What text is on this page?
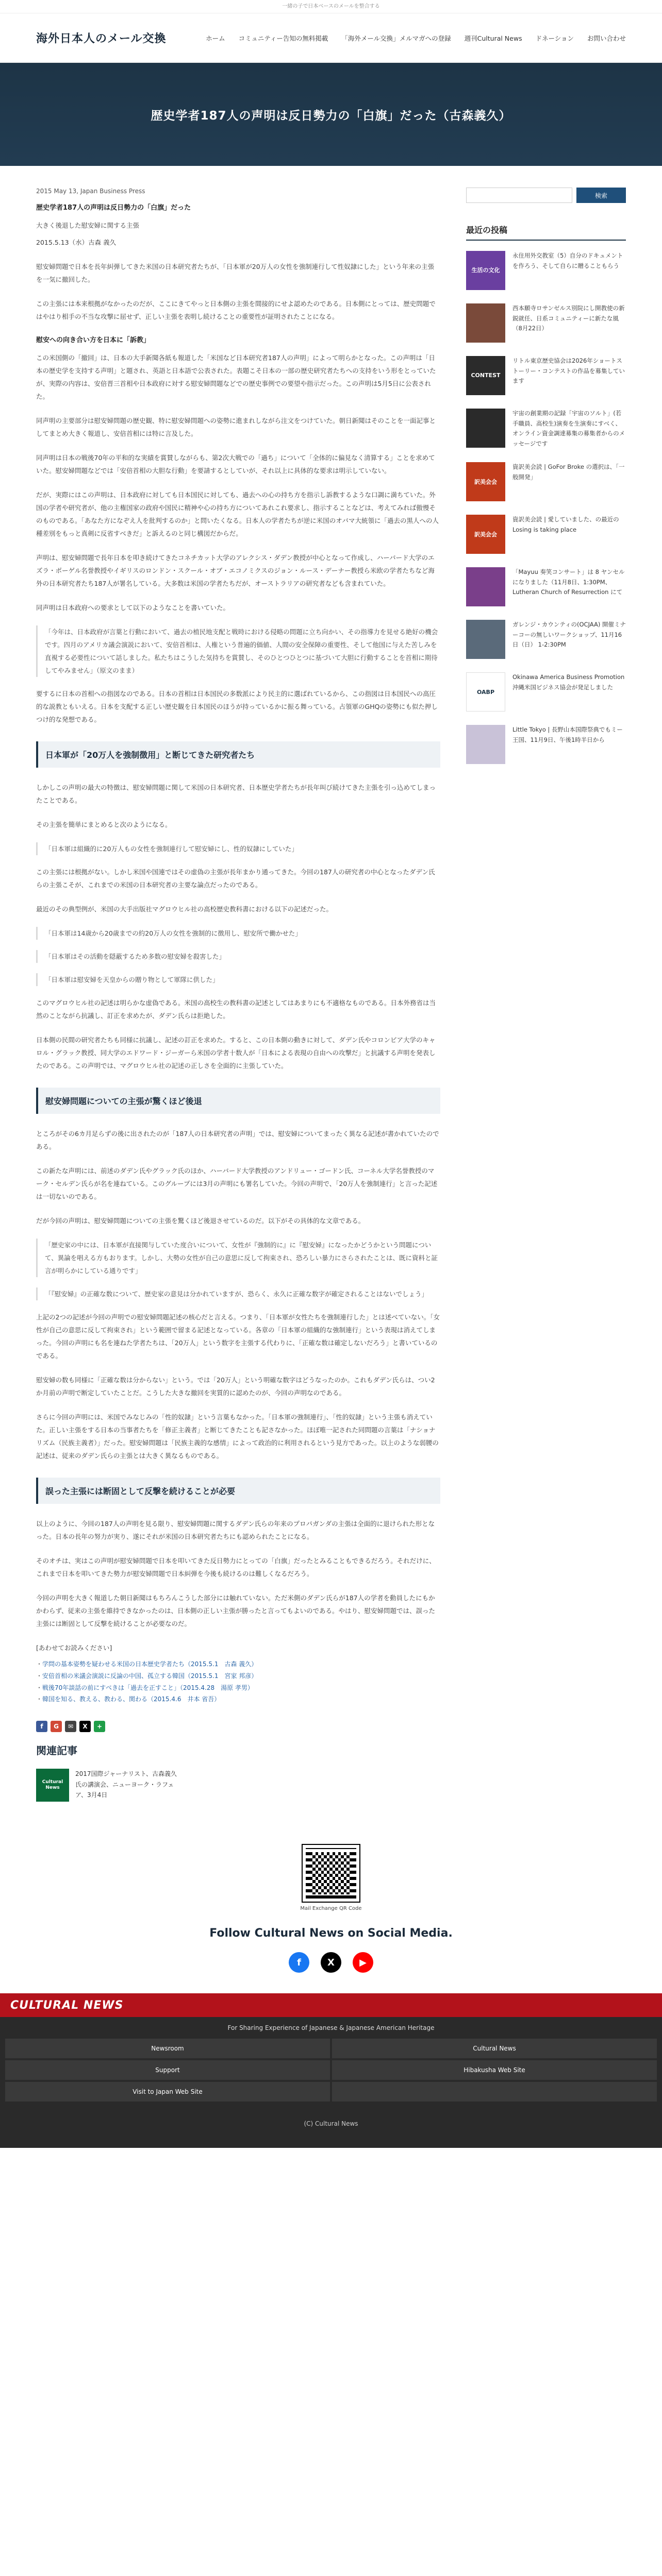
一緒の子で日本ベースのメールを整合する
海外日本人のメール交換	ホーム コミュニティー告知の無料掲載 「海外メール交換」メルマガへの登録 週刊Cultural News ドネーション お問い合わせ
歴史学者187人の声明は反日勢力の「白旗」だった（古森義久）
2015 May 13, Japan Business Press
歴史学者187人の声明は反日勢力の「白旗」だった

大きく後退した慰安婦に関する主張

2015.5.13（水）古森 義久

慰安婦問題で日本を長年糾弾してきた米国の日本研究者たちが、「日本軍が20万人の女性を強制連行して性奴隷にした」という年来の主張を一気に撤回した。

この主張には本来根拠がなかったのだが、ここにきてやっと日本側の主張を間接的にせよ認めたのである。日本側にとっては、歴史問題ではやはり相手の不当な攻撃に屈せず、正しい主張を表明し続けることの重要性が証明されたことになる。

慰安への向き合い方を日本に「訴教」

この米国側の「撤回」は、日本の大手新聞各紙も報道した「米国など日本研究者187人の声明」によって明らかとなった。この声明は「日本の歴史学を支持する声明」と題され、英語と日本語で公表された。表題こそ日本の一部の歴史研究者たちへの支持をいう形をとっていたが、実際の内容は、安倍晋三首相や日本政府に対する慰安婦問題などでの歴史事例での要望や指示だった。この声明は5月5日に公表された。

同声明の主要部分は慰安婦問題の歴史観、特に慰安婦問題への姿勢に進まれしながら注文をつけていた。朝日新聞はそのことを一面記事としてまとめ大きく報道し、安倍首相には特に言及した。

同声明は日本の戦後70年の平和的な実績を賞賛しながらも、第2次大戦での「過ち」について「全体的に偏見なく清算する」ことを求めていた。慰安婦問題などでは「安倍首相の大胆な行動」を要請するとしていが、それ以上に具体的な要求は明示していない。

だが、実際にはこの声明は、日本政府に対しても日本国民に対しても、過去への心の持ち方を指示し訴教するような口調に満ちていた。外国の学者や研究者が、他の主権国家の政府や国民に精神や心の持ち方についてあれこれ要求し、指示することなどは、考えてみれば傲慢そのものである。「あなた方になぞえ人を批判するのか」と問いたくなる。日本人の学者たちが逆に米国のオバマ大統領に「過去の黒人への人種差別をもっと真剣に反省すべきだ」と訴えるのと同じ構図だからだ。

声明は、慰安婦問題で長年日本を叩き続けてきたコネチカット大学のアレクシス・ダデン教授が中心となって作成し、ハーバード大学のエズラ・ボーゲル名誉教授やイギリスのロンドン・スクール・オブ・エコノミクスのジョン・ルース・デーナー教授ら米欧の学者たちなど海外の日本研究者たち187人が署名している。大多数は米国の学者たちだが、オーストラリアの研究者なども含まれていた。

同声明は日本政府への要求として以下のようなことを書いていた。

「今年は、日本政府が言葉と行動において、過去の植民地支配と戦時における侵略の問題に立ち向かい、その指導力を見せる絶好の機会です。四月のアメリカ議会演説において、安倍首相は、人権という普遍的価値、人間の安全保障の重要性、そして他国に与えた苦しみを直視する必要性について話しました。私たちはこうした気持ちを賞賛し、そのひとつひとつに基づいて大胆に行動することを首相に期待してやみません」（原文のまま）

要するに日本の首相への指図なのである。日本の首相は日本国民の多数派により民主的に選ばれているから、この指図は日本国民への高圧的な説教ともいえる。日本を支配する正しい歴史観を日本国民のほうが持っているかに振る舞っている。占領軍のGHQの姿勢にも似た押しつけ的な発想である。

日本軍が「20万人を強制徴用」と断じてきた研究者たち

しかしこの声明の最大の特徴は、慰安婦問題に関して米国の日本研究者、日本歴史学者たちが長年叫び続けてきた主張を引っ込めてしまったことである。

その主張を簡単にまとめると次のようになる。

「日本軍は組織的に20万人もの女性を強制連行して慰安婦にし、性的奴隷にしていた」

この主張には根拠がない。しかし米国や国連ではその虚偽の主張が長年まかり通ってきた。今回の187人の研究者の中心となったダデン氏らの主張こそが、これまでの米国の日本研究者の主要な論点だったのである。

最近のその典型例が、米国の大手出版社マグロウヒル社の高校歴史教科書における以下の記述だった。

「日本軍は14歳から20歳までの約20万人の女性を強制的に徴用し、慰安所で働かせた」
「日本軍はその活動を隠蔽するため多数の慰安婦を殺害した」
「日本軍は慰安婦を天皇からの贈り物として軍隊に供した」

このマグロウヒル社の記述は明らかな虚偽である。米国の高校生の教科書の記述としてはあまりにも不適格なものである。日本外務省は当然のことながら抗議し、訂正を求めたが、ダデン氏らは拒絶した。

日本側の民間の研究者たちも同様に抗議し、記述の訂正を求めた。すると、この日本側の動きに対して、ダデン氏やコロンビア大学のキャロル・グラック教授、同大学のエドワード・ジーガーら米国の学者十数人が「日本による表現の自由への攻撃だ」と抗議する声明を発表したのである。この声明では、マグロウヒル社の記述の正しさを全面的に主張していた。

慰安婦問題についての主張が驚くほど後退

ところがその6カ月足らずの後に出されたのが「187人の日本研究者の声明」では、慰安婦についてまったく異なる記述が書かれていたのである。

この新たな声明には、前述のダデン氏やグラック氏のほか、ハーバード大学教授のアンドリュー・ゴードン氏、コーネル大学名誉教授のマーク・セルデン氏らが名を連ねている。このグループには3月の声明にも署名していた。今回の声明で、「20万人を強制連行」と言った記述は一切ないのである。

だが今回の声明は、慰安婦問題についての主張を驚くほど後退させているのだ。以下がその具体的な文章である。

「歴史家の中には、日本軍が直接関与していた度合いについて、女性が『強制的に』に『慰安婦』になったかどうかという問題について、異論を唱える方もおります。しかし、大勢の女性が自己の意思に反して拘束され、恐ろしい暴力にさらされたことは、既に資料と証言が明らかにしている通りです」
「『慰安婦』の正確な数について、歴史家の意見は分かれていますが、恐らく、永久に正確な数字が確定されることはないでしょう」

上記の2つの記述が今回の声明での慰安婦問題記述の核心だと言える。つまり、「日本軍が女性たちを強制連行した」とは述べていない。「女性が自己の意思に反して拘束され」という範囲で留まる記述となっている。各章の「日本軍の組織的な強制連行」という表現は消えてしまった。今回の声明にも名を連ねた学者たちは、「20万人」という数字を主張する代わりに、「正確な数は確定しないだろう」と書いているのである。

慰安婦の数も同様に「正確な数は分からない」という。では「20万人」という明確な数字はどうなったのか。これもダデン氏らは、つい2か月前の声明で断定していたことだ。こうした大きな撤回を実質的に認めたのが、今回の声明なのである。

さらに今回の声明には、米国でみなじみの「性的奴隷」という言葉もなかった。「日本軍の強制連行」、「性的奴隷」という主張も消えていた。正しい主張をする日本の当事者たちを「修正主義者」と断じてきたことも記さなかった。ほぼ唯一記された同問題の言葉は「ナショナリズム（民族主義者）」だった。慰安婦問題は「民族主義的な感情」によって政治的に利用されるという見方であった。以上のような弱腰の記述は、従来のダデン氏らの主張とは大きく異なるものである。

誤った主張には断固として反撃を続けることが必要

以上のように、今回の187人の声明を見る限り、慰安婦問題に関するダデン氏らの年来のプロパガンダの主張は全面的に退けられた形となった。日本の長年の努力が実り、遂にそれが米国の日本研究者たちにも認められたことになる。

そのオチは、実はこの声明が慰安婦問題で日本を叩いてきた反日勢力にとっての「白旗」だったとみることもできるだろう。それだけに、これまで日本を叩いてきた勢力が慰安婦問題で日本糾弾を今後も続けるのは難しくなるだろう。

今回の声明を大きく報道した朝日新聞はもちろんこうした部分には触れていない。ただ米側のダデン氏らが187人の学者を動員したにもかかわらず、従来の主張を維持できなかったのは、日本側の正しい主張が勝ったと言ってもよいのである。やはり、慰安婦問題では、誤った主張には断固として反撃を続けることが必要なのだ。

[あわせてお読みください]

・ 学問の基本姿勢を疑わせる米国の日本歴史学者たち（2015.5.1　古森 義久）
・ 安倍首相の米議会演説に反論の中国、孤立する韓国（2015.5.1　宮家 邦彦）
・ 戦後70年談話の前にすべきは「過去を正すこと」（2015.4.28　湯原 孝男）
・ 韓国を知る、教える、教わる、関わる（2015.4.6　井本 省吾）
f	G	✉	X	+
関連記事
Cultural News
2017国際ジャーナリスト、古森義久氏の講演会、ニューヨーク・ラフェア、3月4日
検索
最近の投稿
生活の文化
永住用外交教室（5）自分のドキュメントを作ろう、そして自らに贈ることもらう
西本願寺ロサンゼルス別院にし開教使の新鋭就任、日系コミュニティーに新たな風（8月22日）
CONTEST
リトル東京歴史協会は2026年ショートストーリー・コンテストの作品を募集しています
宇宙の創業期の記録「宇宙のソルト」(若手職員、高校生)演奏を生演奏にすべく、オンライン資金調達募集の募集者からのメッセージです
訳美会会
資訳美会読 | GoFor Broke の選択は、「一般開発」
訳美会会
資訳美会読 | 愛していました、の最近の Losing is taking place
「Mayuu 奏笑コンサート」は 8 ヤンセルになりました（11月8日、1:30PM、Lutheran Church of Resurrection にて
ガレンジ・カウンティの(OCJAA) 開催ミナーコーの無しいワークショップ、11月16日（日） 1-2:30PM
OABP
Okinawa America Business Promotion 沖縄米国ビジネス協会が発足しました
Little Tokyo | 長野山本国際祭典でもミー王国、11月9日、午後1時半日から
Mail Exchange QR Code
Follow Cultural News on Social Media.
f	X	▶
CULTURAL NEWS
For Sharing Experience of Japanese & Japanese American Heritage
Newsroom	Cultural News
Support	Hibakusha Web Site
Visit to Japan Web Site
(C) Cultural News
